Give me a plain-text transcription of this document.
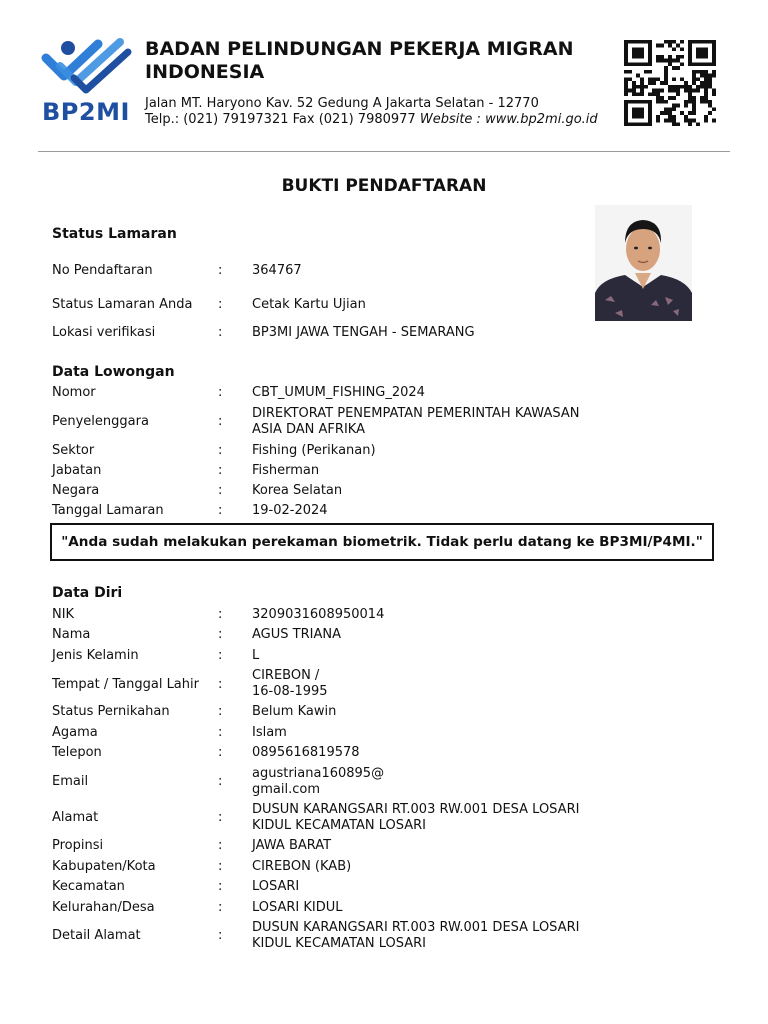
BP2MI
BADAN PELINDUNGAN PEKERJA MIGRAN INDONESIA
Jalan MT. Haryono Kav. 52 Gedung A Jakarta Selatan - 12770
Telp.: (021) 79197321 Fax (021) 7980977 Website : www.bp2mi.go.id
BUKTI PENDAFTARAN
Status Lamaran
No Pendaftaran	: 364767
Status Lamaran Anda : Cetak Kartu Ujian
Lokasi verifikasi	: BP3MI JAWA TENGAH - SEMARANG
Data Lowongan
Nomor	: CBT_UMUM_FISHING_2024
Penyelenggara	:
DIREKTORAT PENEMPATAN PEMERINTAH KAWASAN
ASIA DAN AFRIKA
Sektor	: Fishing (Perikanan)
Jabatan	: Fisherman
Negara	: Korea Selatan
Tanggal Lamaran	: 19-02-2024
"Anda sudah melakukan perekaman biometrik. Tidak perlu datang ke BP3MI/P4MI."
Data Diri
NIK	: 3209031608950014
Nama	: AGUS TRIANA
Jenis Kelamin	: L
Tempat / Tanggal Lahir :
CIREBON /
16-08-1995
Status Pernikahan	: Belum Kawin
Agama	: Islam
Telepon	: 0895616819578
Email	:
agustriana160895@
gmail.com
Alamat	:
DUSUN KARANGSARI RT.003 RW.001 DESA LOSARI
KIDUL KECAMATAN LOSARI
Propinsi	: JAWA BARAT
Kabupaten/Kota	: CIREBON (KAB)
Kecamatan	: LOSARI
Kelurahan/Desa	: LOSARI KIDUL
Detail Alamat	:
DUSUN KARANGSARI RT.003 RW.001 DESA LOSARI
KIDUL KECAMATAN LOSARI
